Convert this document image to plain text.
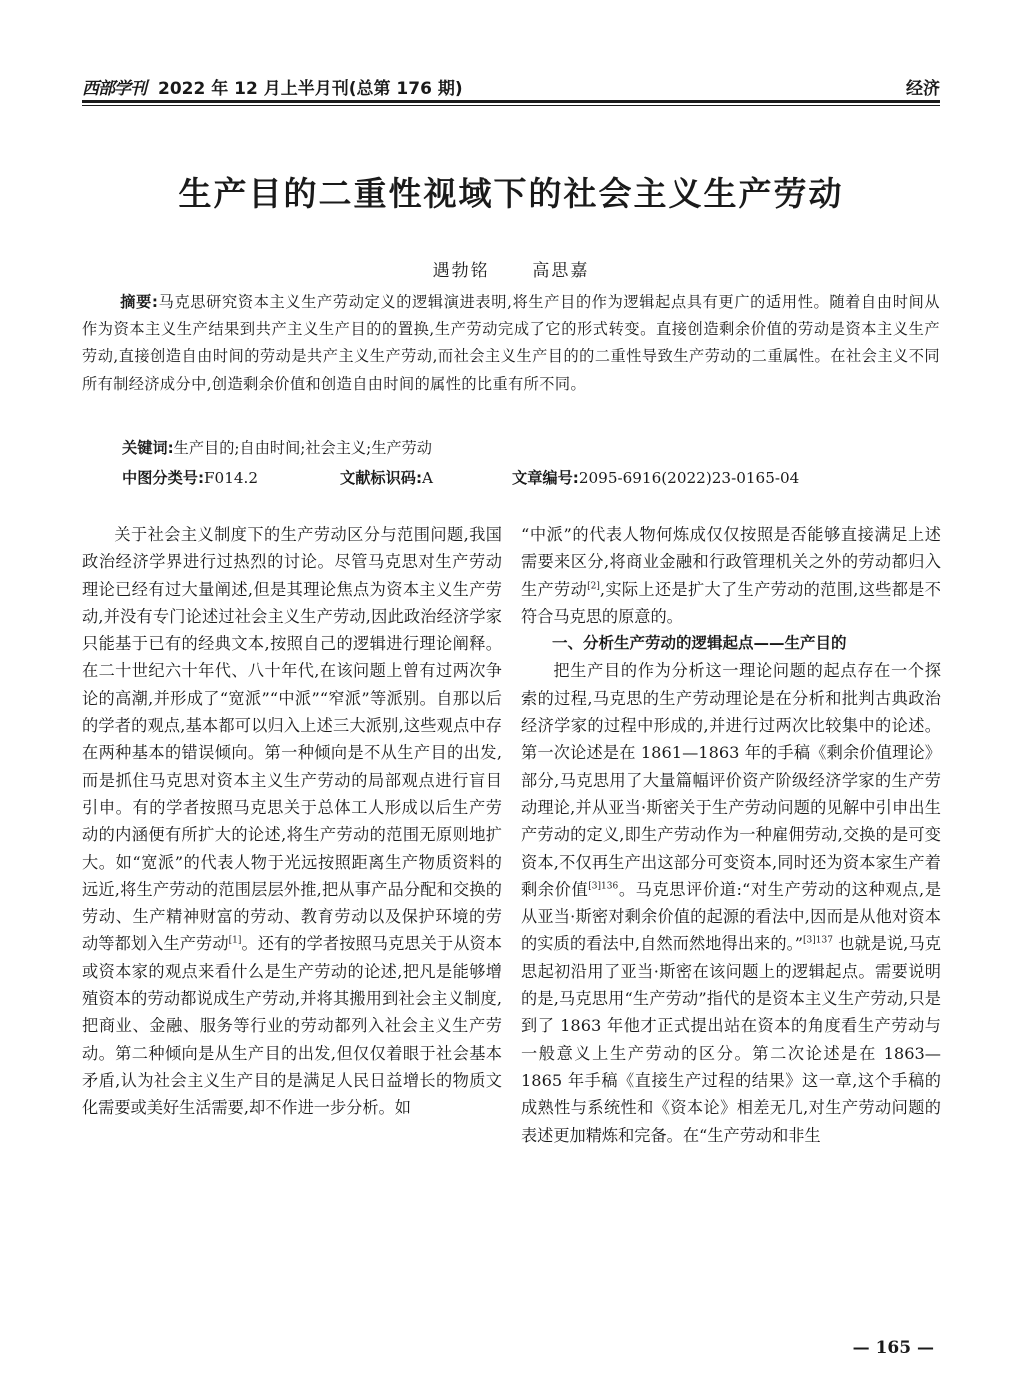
西部学刊 2022 年 12 月上半月刊(总第 176 期)	经济
生产目的二重性视域下的社会主义生产劳动
遇勃铭  高思嘉
摘要:马克思研究资本主义生产劳动定义的逻辑演进表明,将生产目的作为逻辑起点具有更广的适用性。随着自由时间从作为资本主义生产结果到共产主义生产目的的置换,生产劳动完成了它的形式转变。直接创造剩余价值的劳动是资本主义生产劳动,直接创造自由时间的劳动是共产主义生产劳动,而社会主义生产目的的二重性导致生产劳动的二重属性。在社会主义不同所有制经济成分中,创造剩余价值和创造自由时间的属性的比重有所不同。
关键词:生产目的;自由时间;社会主义;生产劳动
中图分类号:F014.2	文献标识码:A	文章编号:2095-6916(2022)23-0165-04

关于社会主义制度下的生产劳动区分与范围问题,我国政治经济学界进行过热烈的讨论。尽管马克思对生产劳动理论已经有过大量阐述,但是其理论焦点为资本主义生产劳动,并没有专门论述过社会主义生产劳动,因此政治经济学家只能基于已有的经典文本,按照自己的逻辑进行理论阐释。在二十世纪六十年代、八十年代,在该问题上曾有过两次争论的高潮,并形成了“宽派”“中派”“窄派”等派别。自那以后的学者的观点,基本都可以归入上述三大派别,这些观点中存在两种基本的错误倾向。第一种倾向是不从生产目的出发,而是抓住马克思对资本主义生产劳动的局部观点进行盲目引申。有的学者按照马克思关于总体工人形成以后生产劳动的内涵便有所扩大的论述,将生产劳动的范围无原则地扩大。如“宽派”的代表人物于光远按照距离生产物质资料的远近,将生产劳动的范围层层外推,把从事产品分配和交换的劳动、生产精神财富的劳动、教育劳动以及保护环境的劳动等都划入生产劳动[1]。还有的学者按照马克思关于从资本或资本家的观点来看什么是生产劳动的论述,把凡是能够增殖资本的劳动都说成生产劳动,并将其搬用到社会主义制度,把商业、金融、服务等行业的劳动都列入社会主义生产劳动。第二种倾向是从生产目的出发,但仅仅着眼于社会基本矛盾,认为社会主义生产目的是满足人民日益增长的物质文化需要或美好生活需要,却不作进一步分析。如

“中派”的代表人物何炼成仅仅按照是否能够直接满足上述需要来区分,将商业金融和行政管理机关之外的劳动都归入生产劳动[2],实际上还是扩大了生产劳动的范围,这些都是不符合马克思的原意的。

一、分析生产劳动的逻辑起点——生产目的

把生产目的作为分析这一理论问题的起点存在一个探索的过程,马克思的生产劳动理论是在分析和批判古典政治经济学家的过程中形成的,并进行过两次比较集中的论述。第一次论述是在 1861—1863 年的手稿《剩余价值理论》部分,马克思用了大量篇幅评价资产阶级经济学家的生产劳动理论,并从亚当·斯密关于生产劳动问题的见解中引申出生产劳动的定义,即生产劳动作为一种雇佣劳动,交换的是可变资本,不仅再生产出这部分可变资本,同时还为资本家生产着剩余价值$^{[3]136}$。马克思评价道:“对生产劳动的这种观点,是从亚当·斯密对剩余价值的起源的看法中,因而是从他对资本的实质的看法中,自然而然地得出来的。”$^{[3]137}$ 也就是说,马克思起初沿用了亚当·斯密在该问题上的逻辑起点。需要说明的是,马克思用“生产劳动”指代的是资本主义生产劳动,只是到了 1863 年他才正式提出站在资本的角度看生产劳动与一般意义上生产劳动的区分。第二次论述是在 1863—1865 年手稿《直接生产过程的结果》这一章,这个手稿的成熟性与系统性和《资本论》相差无几,对生产劳动问题的表述更加精炼和完备。在“生产劳动和非生

— 165 —
